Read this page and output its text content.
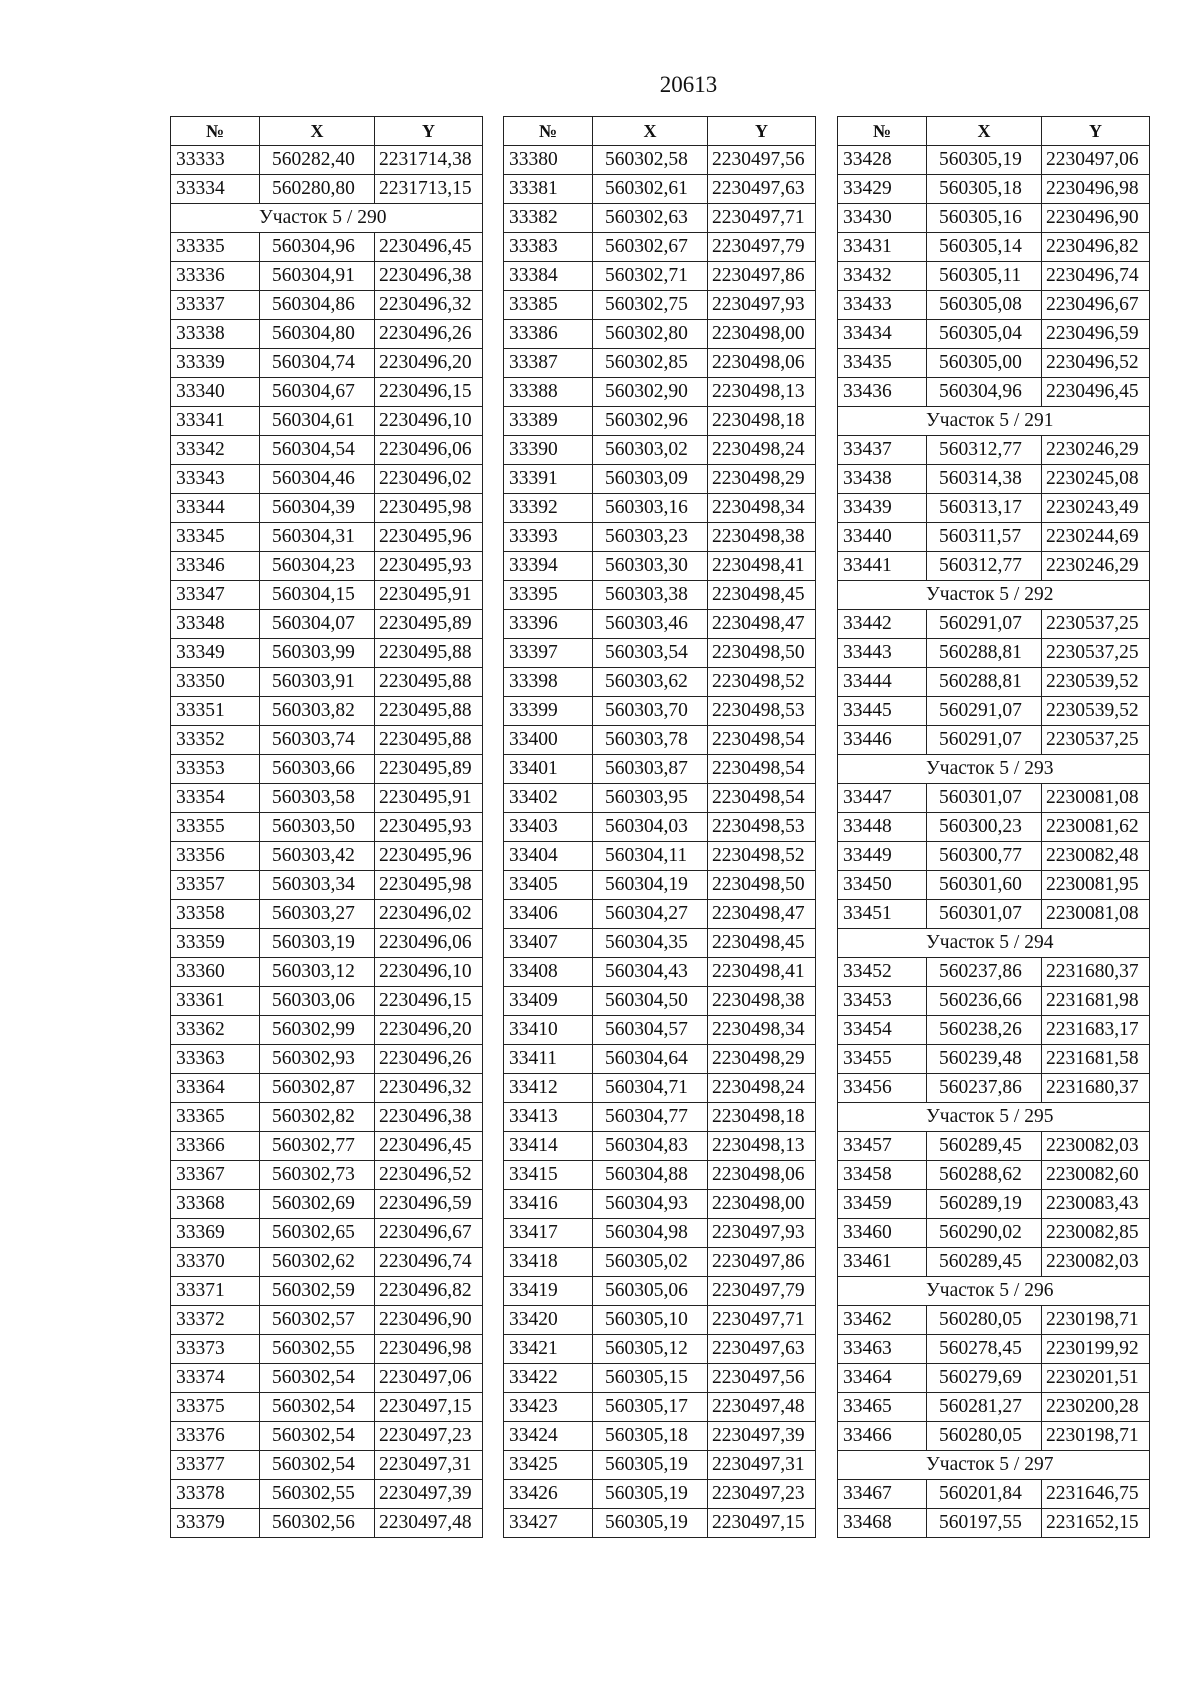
20613
№	X	Y
33333	560282,40	2231714,38
33334	560280,80	2231713,15
Участок 5 / 290		
33335	560304,96	2230496,45
33336	560304,91	2230496,38
33337	560304,86	2230496,32
33338	560304,80	2230496,26
33339	560304,74	2230496,20
33340	560304,67	2230496,15
33341	560304,61	2230496,10
33342	560304,54	2230496,06
33343	560304,46	2230496,02
33344	560304,39	2230495,98
33345	560304,31	2230495,96
33346	560304,23	2230495,93
33347	560304,15	2230495,91
33348	560304,07	2230495,89
33349	560303,99	2230495,88
33350	560303,91	2230495,88
33351	560303,82	2230495,88
33352	560303,74	2230495,88
33353	560303,66	2230495,89
33354	560303,58	2230495,91
33355	560303,50	2230495,93
33356	560303,42	2230495,96
33357	560303,34	2230495,98
33358	560303,27	2230496,02
33359	560303,19	2230496,06
33360	560303,12	2230496,10
33361	560303,06	2230496,15
33362	560302,99	2230496,20
33363	560302,93	2230496,26
33364	560302,87	2230496,32
33365	560302,82	2230496,38
33366	560302,77	2230496,45
33367	560302,73	2230496,52
33368	560302,69	2230496,59
33369	560302,65	2230496,67
33370	560302,62	2230496,74
33371	560302,59	2230496,82
33372	560302,57	2230496,90
33373	560302,55	2230496,98
33374	560302,54	2230497,06
33375	560302,54	2230497,15
33376	560302,54	2230497,23
33377	560302,54	2230497,31
33378	560302,55	2230497,39
33379	560302,56	2230497,48
№	X	Y
33380	560302,58	2230497,56
33381	560302,61	2230497,63
33382	560302,63	2230497,71
33383	560302,67	2230497,79
33384	560302,71	2230497,86
33385	560302,75	2230497,93
33386	560302,80	2230498,00
33387	560302,85	2230498,06
33388	560302,90	2230498,13
33389	560302,96	2230498,18
33390	560303,02	2230498,24
33391	560303,09	2230498,29
33392	560303,16	2230498,34
33393	560303,23	2230498,38
33394	560303,30	2230498,41
33395	560303,38	2230498,45
33396	560303,46	2230498,47
33397	560303,54	2230498,50
33398	560303,62	2230498,52
33399	560303,70	2230498,53
33400	560303,78	2230498,54
33401	560303,87	2230498,54
33402	560303,95	2230498,54
33403	560304,03	2230498,53
33404	560304,11	2230498,52
33405	560304,19	2230498,50
33406	560304,27	2230498,47
33407	560304,35	2230498,45
33408	560304,43	2230498,41
33409	560304,50	2230498,38
33410	560304,57	2230498,34
33411	560304,64	2230498,29
33412	560304,71	2230498,24
33413	560304,77	2230498,18
33414	560304,83	2230498,13
33415	560304,88	2230498,06
33416	560304,93	2230498,00
33417	560304,98	2230497,93
33418	560305,02	2230497,86
33419	560305,06	2230497,79
33420	560305,10	2230497,71
33421	560305,12	2230497,63
33422	560305,15	2230497,56
33423	560305,17	2230497,48
33424	560305,18	2230497,39
33425	560305,19	2230497,31
33426	560305,19	2230497,23
33427	560305,19	2230497,15
№	X	Y
33428	560305,19	2230497,06
33429	560305,18	2230496,98
33430	560305,16	2230496,90
33431	560305,14	2230496,82
33432	560305,11	2230496,74
33433	560305,08	2230496,67
33434	560305,04	2230496,59
33435	560305,00	2230496,52
33436	560304,96	2230496,45
Участок 5 / 291		
33437	560312,77	2230246,29
33438	560314,38	2230245,08
33439	560313,17	2230243,49
33440	560311,57	2230244,69
33441	560312,77	2230246,29
Участок 5 / 292		
33442	560291,07	2230537,25
33443	560288,81	2230537,25
33444	560288,81	2230539,52
33445	560291,07	2230539,52
33446	560291,07	2230537,25
Участок 5 / 293		
33447	560301,07	2230081,08
33448	560300,23	2230081,62
33449	560300,77	2230082,48
33450	560301,60	2230081,95
33451	560301,07	2230081,08
Участок 5 / 294		
33452	560237,86	2231680,37
33453	560236,66	2231681,98
33454	560238,26	2231683,17
33455	560239,48	2231681,58
33456	560237,86	2231680,37
Участок 5 / 295		
33457	560289,45	2230082,03
33458	560288,62	2230082,60
33459	560289,19	2230083,43
33460	560290,02	2230082,85
33461	560289,45	2230082,03
Участок 5 / 296		
33462	560280,05	2230198,71
33463	560278,45	2230199,92
33464	560279,69	2230201,51
33465	560281,27	2230200,28
33466	560280,05	2230198,71
Участок 5 / 297		
33467	560201,84	2231646,75
33468	560197,55	2231652,15
